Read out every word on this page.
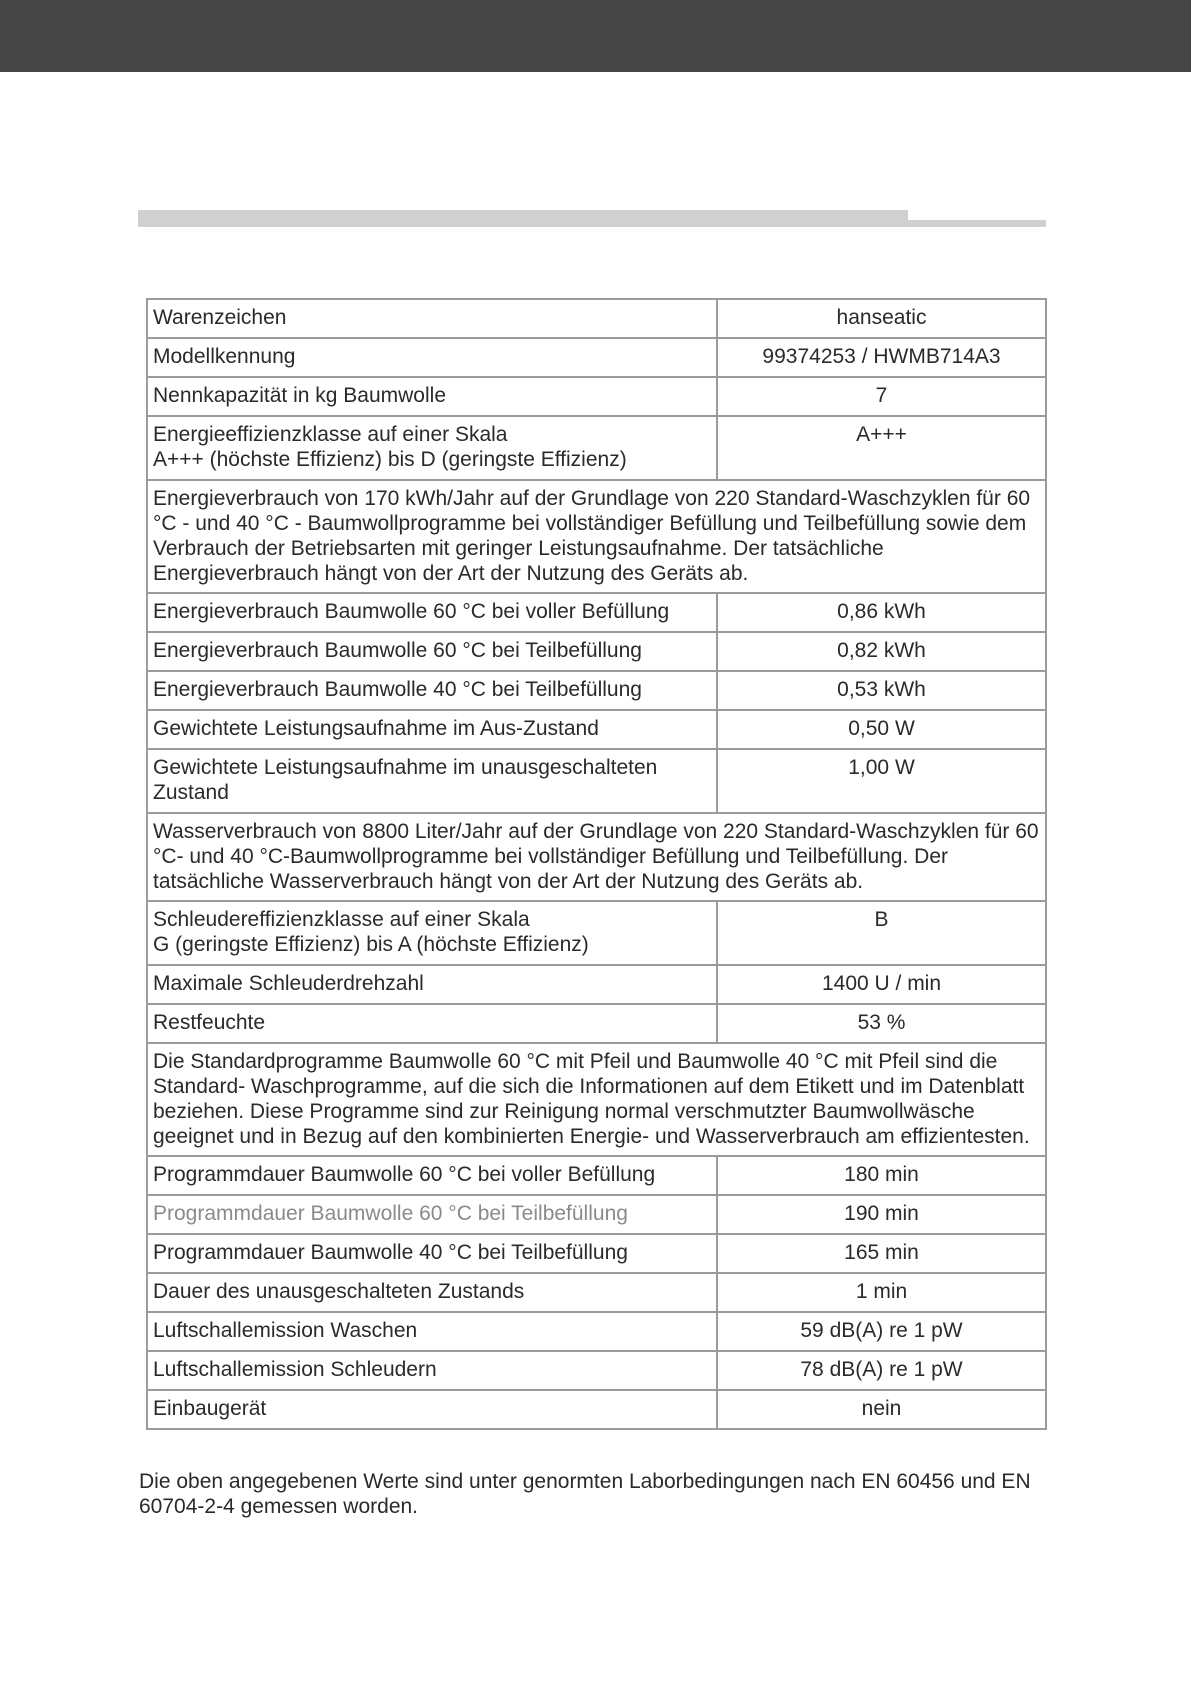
Warenzeichen	hanseatic
Modellkennung	99374253 / HWMB714A3
Nennkapazität in kg Baumwolle	7

Energieeffizienzklasse auf einer Skala
A+++ (höchste Effizienz) bis D (geringste Effizienz)	A+++
Energieverbrauch von 170 kWh/Jahr auf der Grundlage von 220 Standard-Waschzyklen für 60 °C - und 40 °C - Baumwollprogramme bei vollständiger Befüllung und Teilbefüllung sowie dem Verbrauch der Betriebsarten mit geringer Leistungsaufnahme. Der tatsächliche Energieverbrauch hängt von der Art der Nutzung des Geräts ab.	
Energieverbrauch Baumwolle 60 °C bei voller Befüllung	0,86 kWh
Energieverbrauch Baumwolle 60 °C bei Teilbefüllung	0,82 kWh
Energieverbrauch Baumwolle 40 °C bei Teilbefüllung	0,53 kWh
Gewichtete Leistungsaufnahme im Aus-Zustand	0,50 W

Gewichtete Leistungsaufnahme im unausgeschalteten
Zustand	1,00 W
Wasserverbrauch von 8800 Liter/Jahr auf der Grundlage von 220 Standard-Waschzyklen für 60 °C- und 40 °C-Baumwollprogramme bei vollständiger Befüllung und Teilbefüllung. Der tatsächliche Wasserverbrauch hängt von der Art der Nutzung des Geräts ab.	

Schleudereffizienzklasse auf einer Skala
G (geringste Effizienz) bis A (höchste Effizienz)	B
Maximale Schleuderdrehzahl	1400 U / min
Restfeuchte	53 %
Die Standardprogramme Baumwolle 60 °C mit Pfeil und Baumwolle 40 °C mit Pfeil sind die Standard- Waschprogramme, auf die sich die Informationen auf dem Etikett und im Datenblatt beziehen. Diese Programme sind zur Reinigung normal verschmutzter Baumwollwäsche geeignet und in Bezug auf den kombinierten Energie- und Wasserverbrauch am effizientesten.	
Programmdauer Baumwolle 60 °C bei voller Befüllung	180 min
Programmdauer Baumwolle 60 °C bei Teilbefüllung	190 min
Programmdauer Baumwolle 40 °C bei Teilbefüllung	165 min
Dauer des unausgeschalteten Zustands	1 min
Luftschallemission Waschen	59 dB(A) re 1 pW
Luftschallemission Schleudern	78 dB(A) re 1 pW
Einbaugerät	nein
Die oben angegebenen Werte sind unter genormten Laborbedingungen nach EN 60456 und EN 60704-2-4 gemessen worden.
